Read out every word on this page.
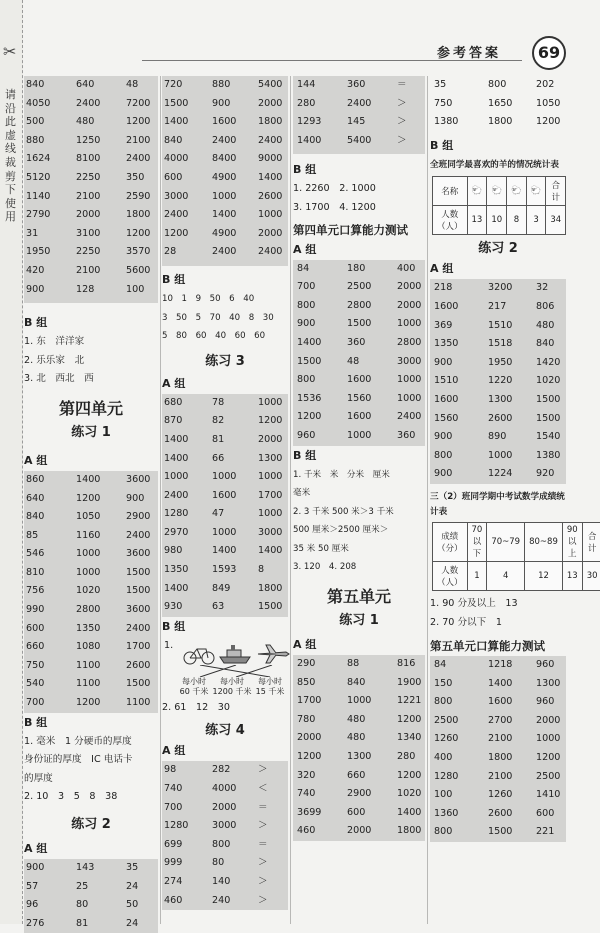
✂
请沿此虚线裁剪下使用
参考答案	69
840	640	48
4050	2400	7200
500	480	1200
880	1250	2100
1624	8100	2400
5120	2250	350
1140	2100	2590
2790	2000	1800
31	3100	1200
1950	2250	3570
420	2100	5600
900	128	100
B 组
1. 东　洋洋家
2. 乐乐家　北
3. 北　西北　西
第四单元
练习 1
A 组
860	1400	3600
640	1200	900
840	1050	2900
85	1160	2400
546	1000	3600
810	1000	1500
756	1020	1500
990	2800	3600
600	1350	2400
660	1080	1700
750	1100	2600
540	1100	1500
700	1200	1100
B 组
1. 毫米　1 分硬币的厚度
身份证的厚度　IC 电话卡
的厚度
2. 10　3　5　8　38
练习 2
A 组
900	143	35
57	25	24
96	80	50
276	81	24
720	880	5400
1500 900	2000
1400 1600 1800
840	2400 2400
4000 8400 9000
600	4900 1400
3000 1000 2600
2400 1400 1000
1200 4900 2000
28	2400 2400
B 组
10　1　9　50　6　40
3　50　5　70　40　8　30
5　80　60　40　60　60
练习 3
A 组
680	78	1000
870	82	1200
1400 81	2000
1400 66	1300
1000 1000 1000
2400 1600 1700
1280 47	1000
2970 1000 3000
980	1400 1400
1350 1593 8
1400 849	1800
930	63	1500
B 组
1.
每小时
60 千米
每小时
1200 千米
每小时
15 千米
2. 61　12　30
练习 4
A 组
98	282	＞
740	4000 ＜
700	2000 ＝
1280 3000 ＞
699	800	＝
999	80	＞
274	140	＞
460	240	＞
144	360	＝
280	2400	＞
1293	145	＞
1400	5400	＞
B 组
1. 2260　2. 1000
3. 1700　4. 1200
第四单元口算能力测试
A 组
84	180	400
700	2500	2000
800	2800	2000
900	1500	1000
1400	360	2800
1500	48	3000
800	1600	1000
1536	1560	1000
1200	1600	2400
960	1000	360
B 组
1. 千米　米　分米　厘米
毫米
2. 3 千米 500 米＞3 千米
500 厘米＞2500 厘米＞
35 米 50 厘米
3. 120　4. 208
第五单元
练习 1
A 组
290	88	816
850	840	1900
1700	1000	1221
780	480	1200
2000	480	1340
1200	1300	280
320	660	1200
740	2900	1020
3699	600	1400
460	2000	1800
35	800	202
750	1650 1050
1380	1800 1200
B 组
全班同学最喜欢的羊的情况统计表
名称	🐑	🐑	🐑	🐑	合计
人数（人）	13	10	8	3	34
练习 2
A 组
218	3200 32
1600	217	806
369	1510 480
1350	1518 840
900	1950 1420
1510	1220 1020
1600	1300 1500
1560	2600 1500
900	890	1540
800	1000 1380
900	1224 920
三（2）班同学期中考试数学成绩统计表
成绩（分）	70以下	70~79	80~89	90以上	合计
人数（人）	1	4	12	13	30
1. 90 分及以上　13
2. 70 分以下　1
第五单元口算能力测试
84	1218 960
150	1400 1300
800	1600 960
2500	2700 2000
1260	2100 1000
400	1800 1200
1280	2100 2500
100	1260 1410
1360	2600 600
800	1500 221
